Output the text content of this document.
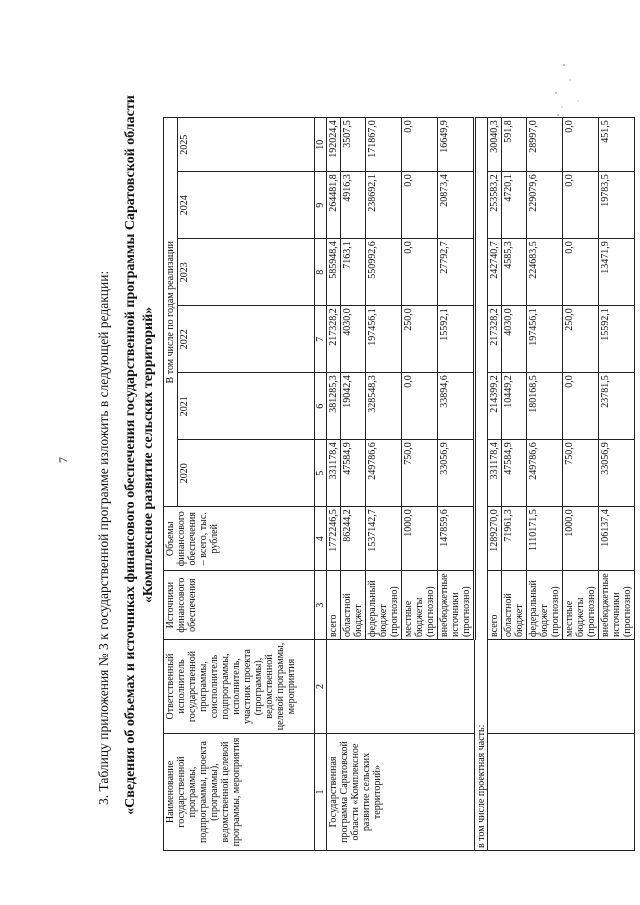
7 3. Таблицу приложения № 3 к государственной программе изложить в следующей редакции: «Сведения об объемах и источниках финансового обеспечения государственной программы Саратовской области «Комплексное развитие сельских территорий»
Наименование государственной программы, подпрограммы, проекта (программы), ведомственной целевой программы, мероприятия	Ответственный исполнитель государственной программы, соисполнитель подпрограммы, исполнитель, участник проекта (программы), ведомственной целевой программы, мероприятия	Источники финансового обеспечения	Объемы финансового обеспечения – всего, тыс. рублей	В том числе по годам реализации					
				2020	2021	2022	2023	2024	2025
1	2	3	4	5	6	7	8	9	10
Государственная программа Саратовской области «Комплексное развитие сельских территорий»		всего	1772246,5	331178,4	381285,3	217328,2	585948,4	264481,8	192024,4
		областной бюджет	86244,2	47584,9	19042,4	4030,0	7163,1	4916,3	3507,5
		федеральный бюджет (прогнозно)	1537142,7	249786,6	328548,3	197456,1	550992,6	238692,1	171867,0
		местные бюджеты (прогнозно)	1000,0	750,0	0,0	250,0	0,0	0,0	0,0
		внебюджетные источники (прогнозно)	147859,6	33056,9	33894,6	15592,1	27792,7	20873,4	16649,9
в том числе проектная часть:									
		всего	1289270,0	331178,4	214399,2	217328,2	242740,7	253583,2	30040,3
		областной бюджет	71961,3	47584,9	10449,2	4030,0	4585,3	4720,1	591,8
		федеральный бюджет (прогнозно)	1110171,5	249786,6	180168,5	197456,1	224683,5	229079,6	28997,0
		местные бюджеты (прогнозно)	1000,0	750,0	0,0	250,0	0,0	0,0	0,0
		внебюджетные источники (прогнозно)	106137,4	33056,9	23781,5	15592,1	13471,9	19783,5	451,5
